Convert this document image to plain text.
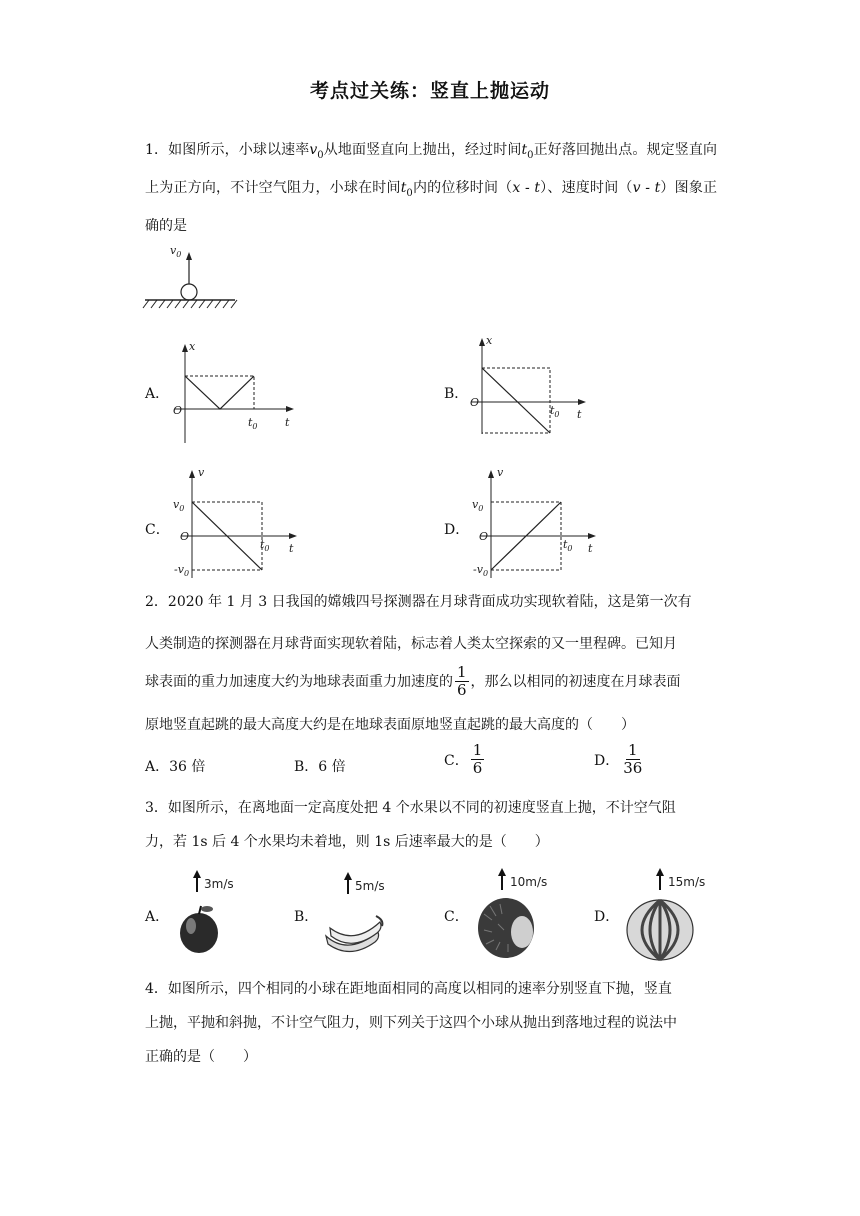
考点过关练：竖直上抛运动
1．如图所示，小球以速率$v_0$从地面竖直向上抛出，经过时间$t_0$正好落回抛出点。规定竖直向上为正方向，不计空气阻力，小球在时间$t_0$内的位移时间（x - t）、速度时间（v - t）图象正确的是
$v_0$
A．
x
O
t
$t_0$
B．
x
O
t
$t_0$
C．
v
$v_0$
O
t
$t_0$
$-v_0$
D．
v
$v_0$
O
t
$t_0$
$-v_0$
2．2020 年 1 月 3 日我国的嫦娥四号探测器在月球背面成功实现软着陆，这是第一次有
人类制造的探测器在月球背面实现软着陆，标志着人类太空探索的又一里程碑。已知月
球表面的重力加速度大约为地球表面重力加速度的 $\frac{1}{6}$ ，那么以相同的初速度在月球表面
原地竖直起跳的最大高度大约是在地球表面原地竖直起跳的最大高度的（　　）
A．36 倍	B．6 倍	C． $\frac{1}{6}$	D． $\frac{1}{36}$
3．如图所示，在离地面一定高度处把 4 个水果以不同的初速度竖直上抛，不计空气阻
力，若 1s 后 4 个水果均未着地，则 1s 后速率最大的是（　　）
A．
3m/s
B．
5m/s
C．
10m/s
D．
15m/s
4．如图所示，四个相同的小球在距地面相同的高度以相同的速率分别竖直下抛，竖直
上抛，平抛和斜抛，不计空气阻力，则下列关于这四个小球从抛出到落地过程的说法中
正确的是（　　）
